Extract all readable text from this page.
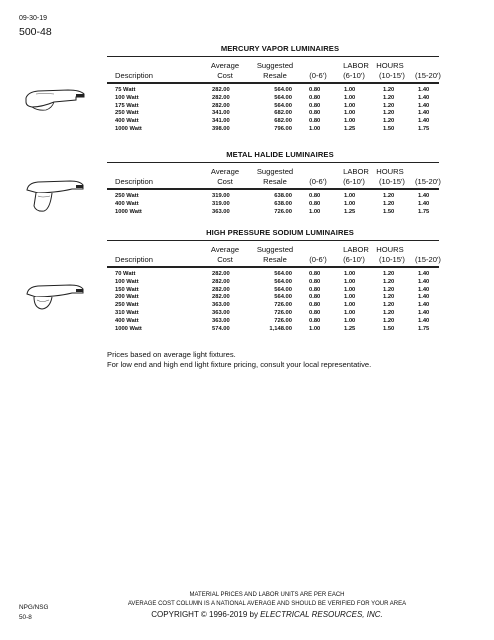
09-30-19
500-48
MERCURY VAPOR LUMINAIRES
Average
Cost
Suggested
Resale
LABOR HOURS
Description	(0-6')	(6-10')	(10-15')	(15-20')
75 Watt	282.00	564.00	0.80	1.00	1.20	1.40
100 Watt	282.00	564.00	0.80	1.00	1.20	1.40
175 Watt	282.00	564.00	0.80	1.00	1.20	1.40
250 Watt	341.00	682.00	0.80	1.00	1.20	1.40
400 Watt	341.00	682.00	0.80	1.00	1.20	1.40
1000 Watt	398.00	796.00	1.00	1.25	1.50	1.75
METAL HALIDE LUMINAIRES
Average
Cost
Suggested
Resale
LABOR HOURS
Description	(0-6')	(6-10')	(10-15')	(15-20')
250 Watt	319.00	638.00	0.80	1.00	1.20	1.40
400 Watt	319.00	638.00	0.80	1.00	1.20	1.40
1000 Watt	363.00	726.00	1.00	1.25	1.50	1.75
HIGH PRESSURE SODIUM LUMINAIRES
Average
Cost
Suggested
Resale
LABOR HOURS
Description	(0-6')	(6-10')	(10-15')	(15-20')
70 Watt	282.00	564.00	0.80	1.00	1.20	1.40
100 Watt	282.00	564.00	0.80	1.00	1.20	1.40
150 Watt	282.00	564.00	0.80	1.00	1.20	1.40
200 Watt	282.00	564.00	0.80	1.00	1.20	1.40
250 Watt	363.00	726.00	0.80	1.00	1.20	1.40
310 Watt	363.00	726.00	0.80	1.00	1.20	1.40
400 Watt	363.00	726.00	0.80	1.00	1.20	1.40
1000 Watt	574.00	1,148.00	1.00	1.25	1.50	1.75
Prices based on average light fixtures.
For low end and high end light fixture pricing, consult your local representative.
NPG/NSG
50-8
MATERIAL PRICES AND LABOR UNITS ARE PER EACH
AVERAGE COST COLUMN IS A NATIONAL AVERAGE AND SHOULD BE VERIFIED FOR YOUR AREA
COPYRIGHT © 1996-2019 by ELECTRICAL RESOURCES, INC.
